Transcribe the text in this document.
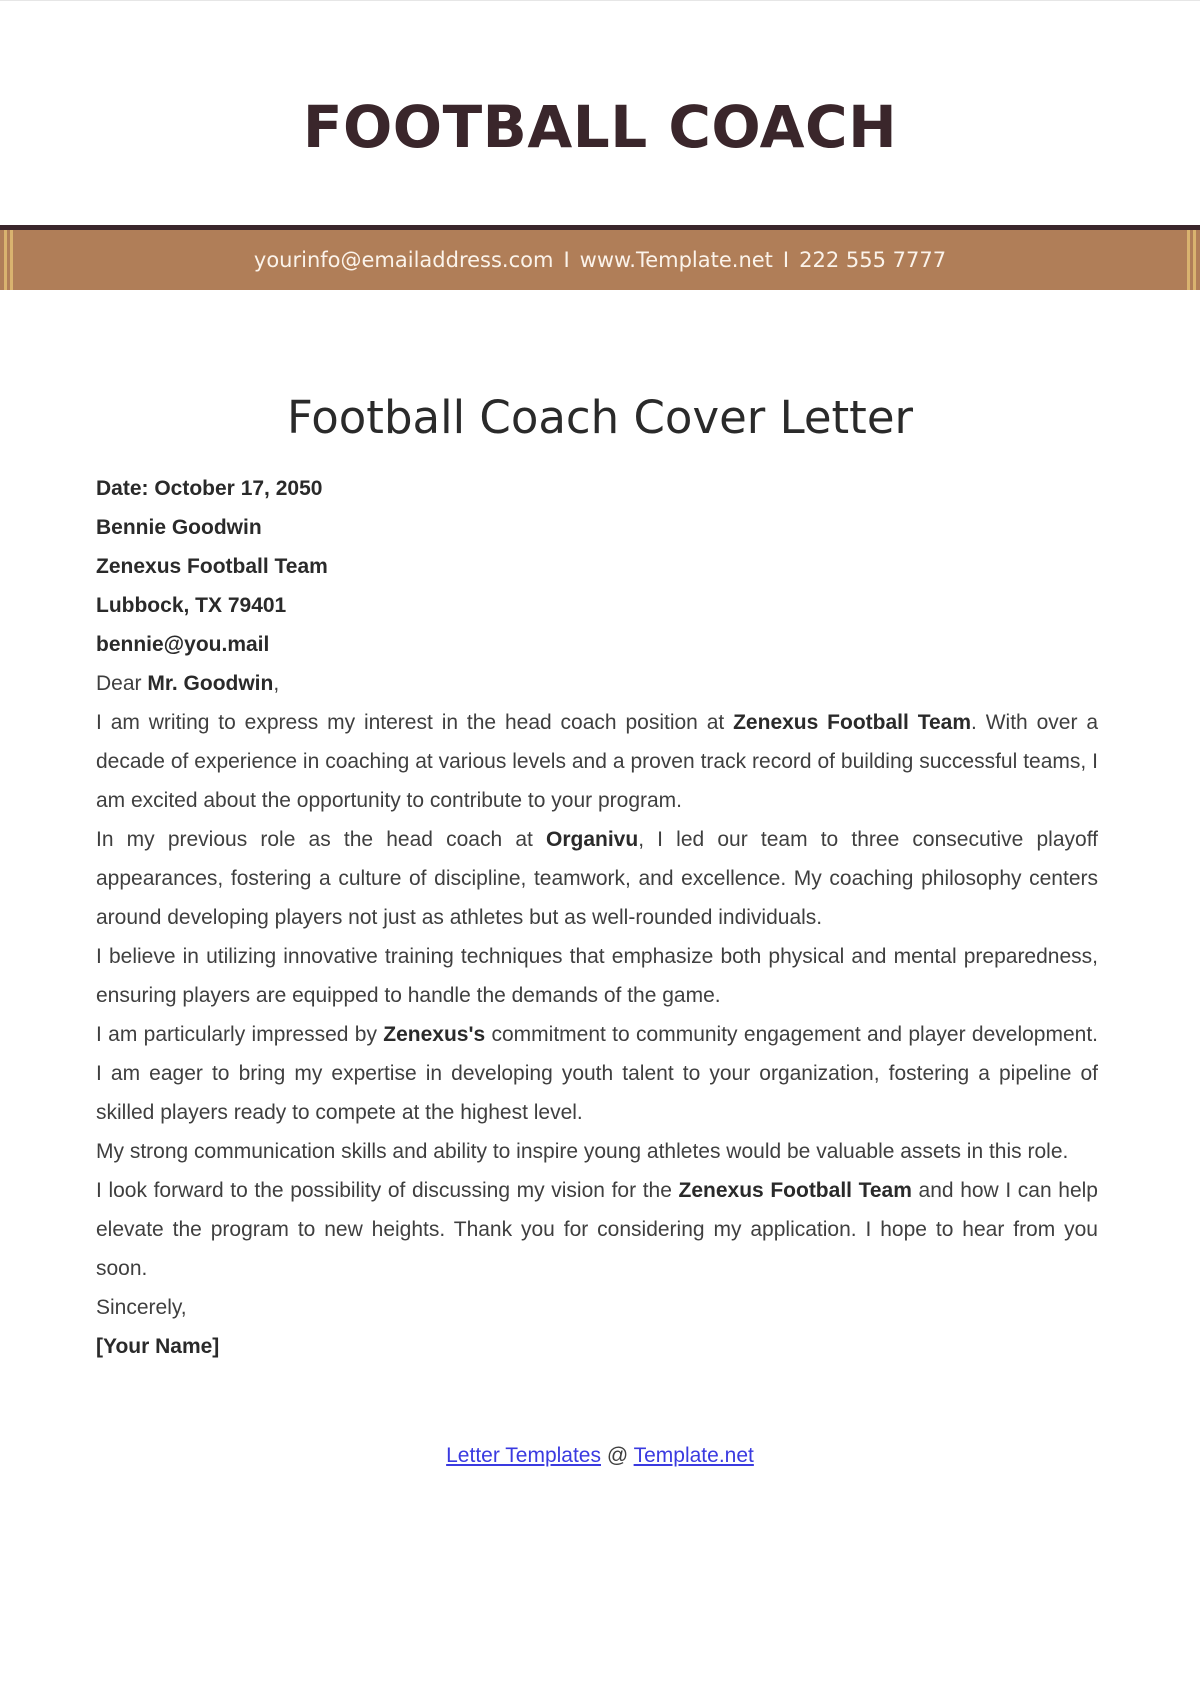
FOOTBALL COACH
yourinfo@emailaddress.com I www.Template.net I 222 555 7777
Football Coach Cover Letter

Date: October 17, 2050

Bennie Goodwin

Zenexus Football Team

Lubbock, TX 79401

bennie@you.mail

Dear Mr. Goodwin,

I am writing to express my interest in the head coach position at Zenexus Football Team. With over a decade of experience in coaching at various levels and a proven track record of building successful teams, I am excited about the opportunity to contribute to your program.

In my previous role as the head coach at Organivu, I led our team to three consecutive playoff appearances, fostering a culture of discipline, teamwork, and excellence. My coaching philosophy centers around developing players not just as athletes but as well-rounded individuals.

I believe in utilizing innovative training techniques that emphasize both physical and mental preparedness, ensuring players are equipped to handle the demands of the game.

I am particularly impressed by Zenexus's commitment to community engagement and player development. I am eager to bring my expertise in developing youth talent to your organization, fostering a pipeline of skilled players ready to compete at the highest level.

My strong communication skills and ability to inspire young athletes would be valuable assets in this role.

I look forward to the possibility of discussing my vision for the Zenexus Football Team and how I can help elevate the program to new heights. Thank you for considering my application. I hope to hear from you soon.

Sincerely,

[Your Name]

Letter Templates @ Template.net
